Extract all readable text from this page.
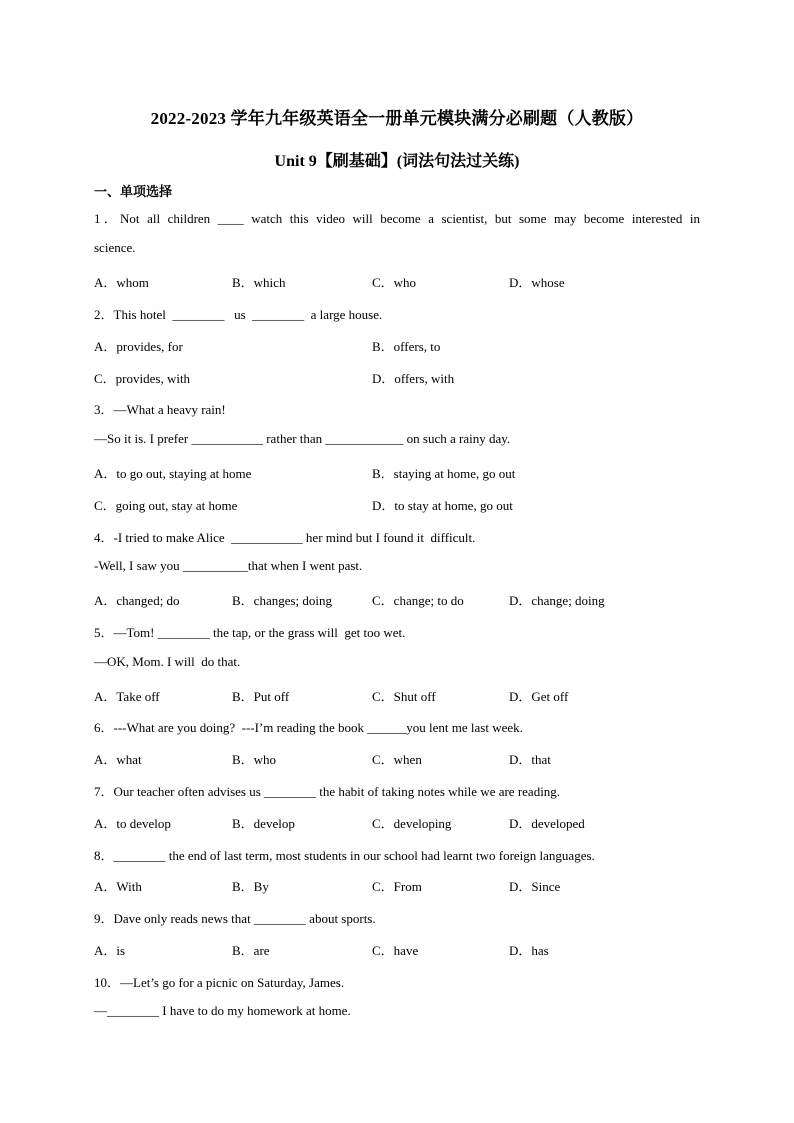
2022-2023 学年九年级英语全一册单元模块满分必刷题（人教版）
Unit 9【刷基础】(词法句法过关练)
一、单项选择
1．Not all children ____ watch this video will become a scientist, but some may become interested in
science.
A．whom	B．which	C．who	D．whose
2．This hotel  ________   us  ________  a large house.
A．provides, for	B．offers, to
C．provides, with	D．offers, with
3．—What a heavy rain!
—So it is. I prefer ___________ rather than ____________ on such a rainy day.
A．to go out, staying at home	B．staying at home, go out
C．going out, stay at home	D．to stay at home, go out
4．-I tried to make Alice  ___________ her mind but I found it  difficult.
-Well, I saw you __________that when I went past.
A．changed; do	B．changes; doing	C．change; to do	D．change; doing
5．—Tom! ________ the tap, or the grass will  get too wet.
—OK, Mom. I will  do that.
A．Take off	B．Put off	C．Shut off	D．Get off
6．---What are you doing?  ---I’m reading the book ______you lent me last week.
A．what	B．who	C．when	D．that
7．Our teacher often advises us ________ the habit of taking notes while we are reading.
A．to develop	B．develop	C．developing	D．developed
8．________ the end of last term, most students in our school had learnt two foreign languages.
A．With	B．By	C．From	D．Since
9．Dave only reads news that ________ about sports.
A．is	B．are	C．have	D．has
10．—Let’s go for a picnic on Saturday, James.
—________ I have to do my homework at home.
